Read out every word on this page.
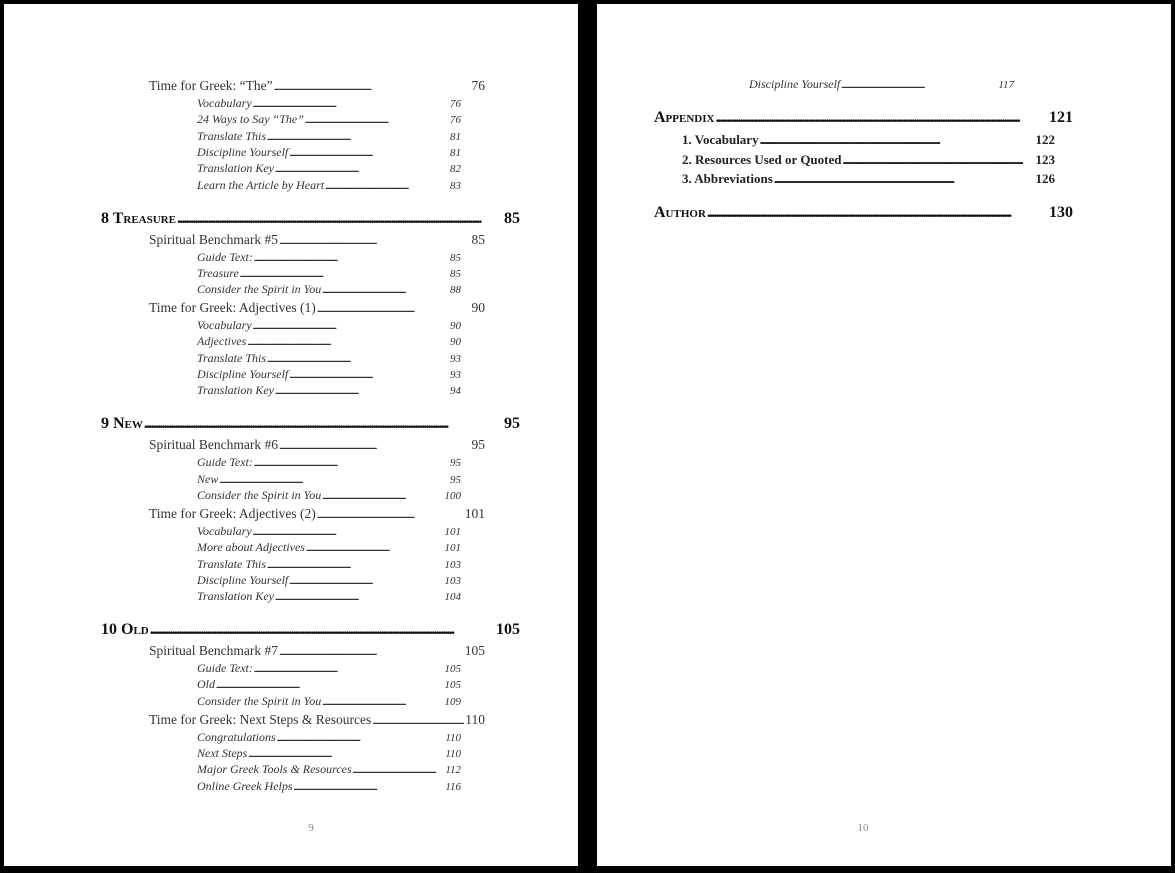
Time for Greek: “The” . . .	76
Vocabulary . . .	76
24 Ways to Say “The” . . .	76
Translate This . . .	81
Discipline Yourself . . .	81
Translation Key . . .	82
Learn the Article by Heart . . .	83
8 Treasure . . .	85
Spiritual Benchmark #5 . . .	85
Guide Text: . . .	85
Treasure . . .	85
Consider the Spirit in You . . .	88
Time for Greek: Adjectives (1) . . .	90
Vocabulary . . .	90
Adjectives . . .	90
Translate This . . .	93
Discipline Yourself . . .	93
Translation Key . . .	94
9 New . . .	95
Spiritual Benchmark #6 . . .	95
Guide Text: . . .	95
New . . .	95
Consider the Spirit in You . . .	100
Time for Greek: Adjectives (2) . . .	101
Vocabulary . . .	101
More about Adjectives . . .	101
Translate This . . .	103
Discipline Yourself . . .	103
Translation Key . . .	104
10 Old . . .	105
Spiritual Benchmark #7 . . .	105
Guide Text: . . .	105
Old . . .	105
Consider the Spirit in You . . .	109
Time for Greek: Next Steps & Resources . . .	110
Congratulations . . .	110
Next Steps . . .	110
Major Greek Tools & Resources . . .	112
Online Greek Helps . . .	116
9
Discipline Yourself . . .	117
Appendix . . .	121
1. Vocabulary . . .	122
2. Resources Used or Quoted . . .	123
3. Abbreviations . . .	126
Author . . .	130
10
